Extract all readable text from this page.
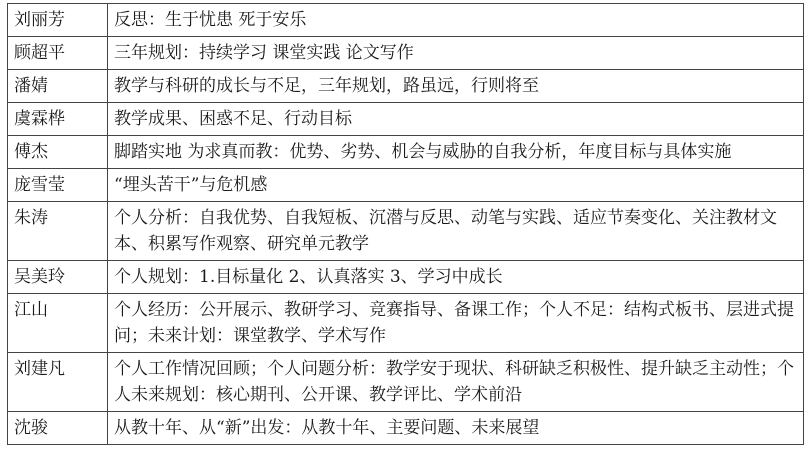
刘丽芳	反思：生于忧患 死于安乐
顾超平	三年规划：持续学习 课堂实践 论文写作
潘婧	教学与科研的成长与不足，三年规划，路虽远，行则将至
虞霖桦	教学成果、困惑不足、行动目标
傅杰	脚踏实地 为求真而教：优势、劣势、机会与威胁的自我分析，年度目标与具体实施
庞雪莹	“埋头苦干”与危机感
朱涛	个人分析：自我优势、自我短板、沉潜与反思、动笔与实践、适应节奏变化、关注教材文本、积累写作观察、研究单元教学
吴美玲	个人规划：1.目标量化 2、认真落实 3、学习中成长
江山	个人经历：公开展示、教研学习、竞赛指导、备课工作；个人不足：结构式板书、层进式提问；未来计划：课堂教学、学术写作
刘建凡	个人工作情况回顾；个人问题分析：教学安于现状、科研缺乏积极性、提升缺乏主动性；个人未来规划：核心期刊、公开课、教学评比、学术前沿
沈骏	从教十年、从“新”出发：从教十年、主要问题、未来展望
